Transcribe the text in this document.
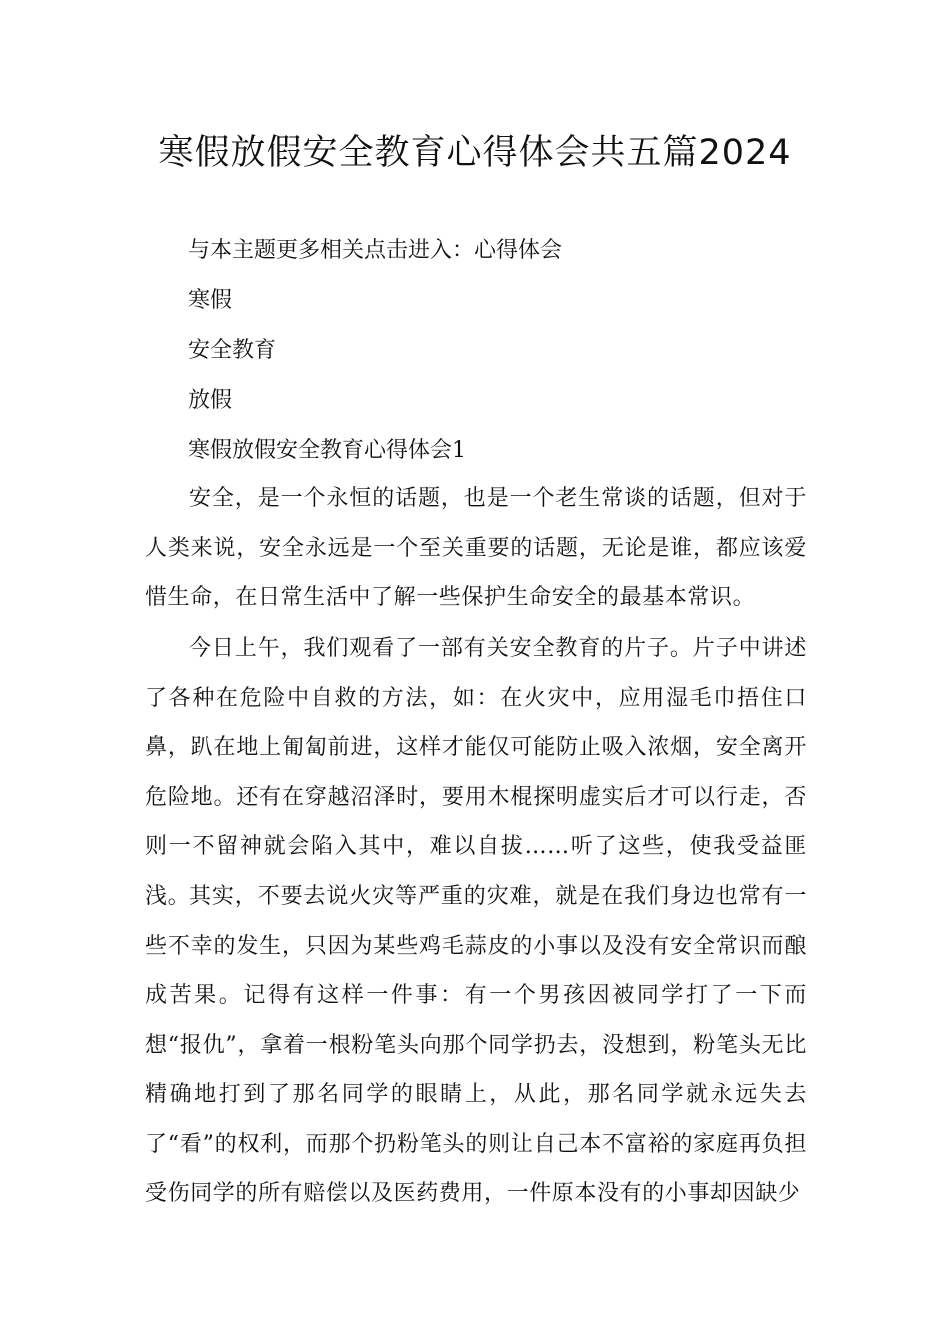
寒假放假安全教育心得体会共五篇2024

与本主题更多相关点击进入：心得体会

寒假

安全教育

放假

寒假放假安全教育心得体会1

安全，是一个永恒的话题，也是一个老生常谈的话题，但对于人类来说，安全永远是一个至关重要的话题，无论是谁，都应该爱惜生命，在日常生活中了解一些保护生命安全的最基本常识。

今日上午，我们观看了一部有关安全教育的片子。片子中讲述了各种在危险中自救的方法，如：在火灾中，应用湿毛巾捂住口鼻，趴在地上匍匐前进，这样才能仅可能防止吸入浓烟，安全离开危险地。还有在穿越沼泽时，要用木棍探明虚实后才可以行走，否则一不留神就会陷入其中，难以自拔……听了这些，使我受益匪浅。

其实，不要去说火灾等严重的灾难，就是在我们身边也常有一些不幸的发生，只因为某些鸡毛蒜皮的小事以及没有安全常识而酿成苦果。记得有这样一件事：有一个男孩因被同学打了一下而想“报仇”，拿着一根粉笔头向那个同学扔去，没想到，粉笔头无比精确地打到了那名同学的眼睛上，从此，那名同学就永远失去了“看”的权利，而那个扔粉笔头的则让自己本不富裕的家庭再负担受伤同学的所有赔偿以及医药费用，一件原本没有的小事却因缺少
